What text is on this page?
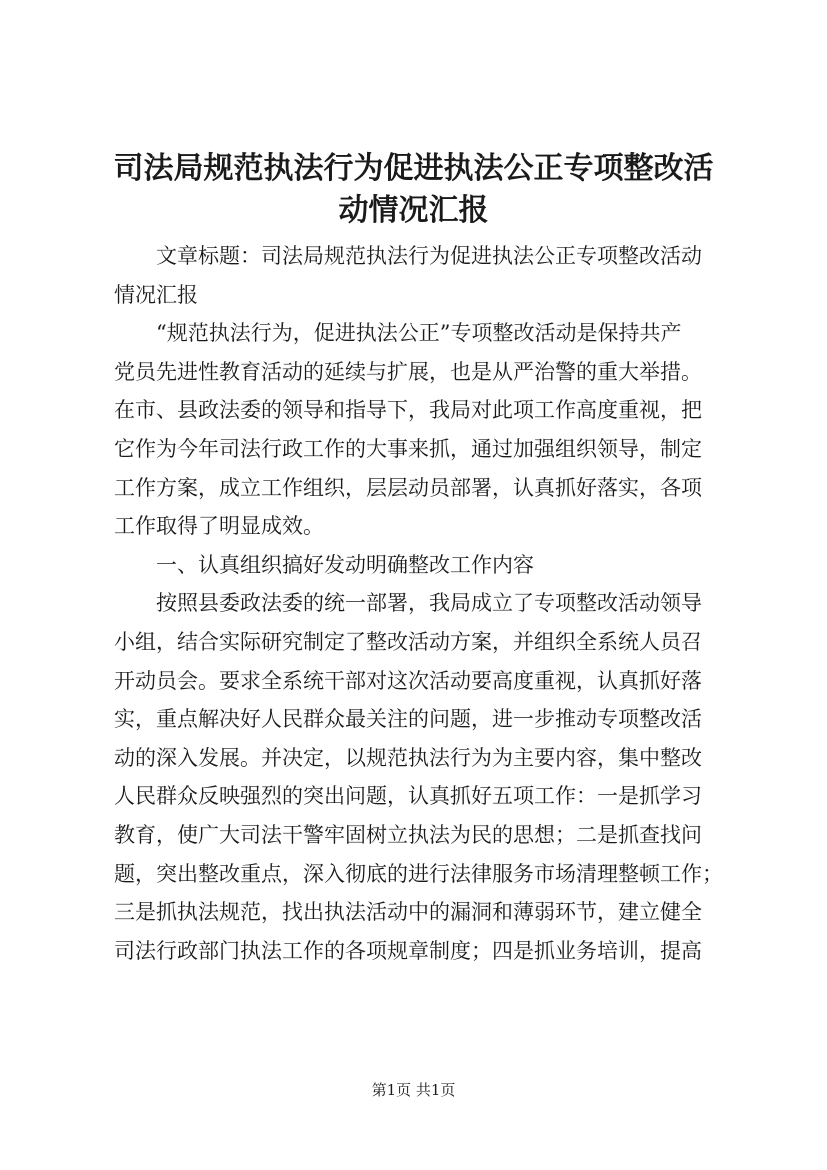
司法局规范执法行为促进执法公正专项整改活
动情况汇报
文章标题：司法局规范执法行为促进执法公正专项整改活动
情况汇报
“规范执法行为，促进执法公正”专项整改活动是保持共产
党员先进性教育活动的延续与扩展，也是从严治警的重大举措。
在市、县政法委的领导和指导下，我局对此项工作高度重视，把
它作为今年司法行政工作的大事来抓，通过加强组织领导，制定
工作方案，成立工作组织，层层动员部署，认真抓好落实，各项
工作取得了明显成效。
一、认真组织搞好发动明确整改工作内容
按照县委政法委的统一部署，我局成立了专项整改活动领导
小组，结合实际研究制定了整改活动方案，并组织全系统人员召
开动员会。要求全系统干部对这次活动要高度重视，认真抓好落
实，重点解决好人民群众最关注的问题，进一步推动专项整改活
动的深入发展。并决定，以规范执法行为为主要内容，集中整改
人民群众反映强烈的突出问题，认真抓好五项工作：一是抓学习
教育，使广大司法干警牢固树立执法为民的思想；二是抓查找问
题，突出整改重点，深入彻底的进行法律服务市场清理整顿工作；
三是抓执法规范，找出执法活动中的漏洞和薄弱环节，建立健全
司法行政部门执法工作的各项规章制度；四是抓业务培训，提高
第1页 共1页
